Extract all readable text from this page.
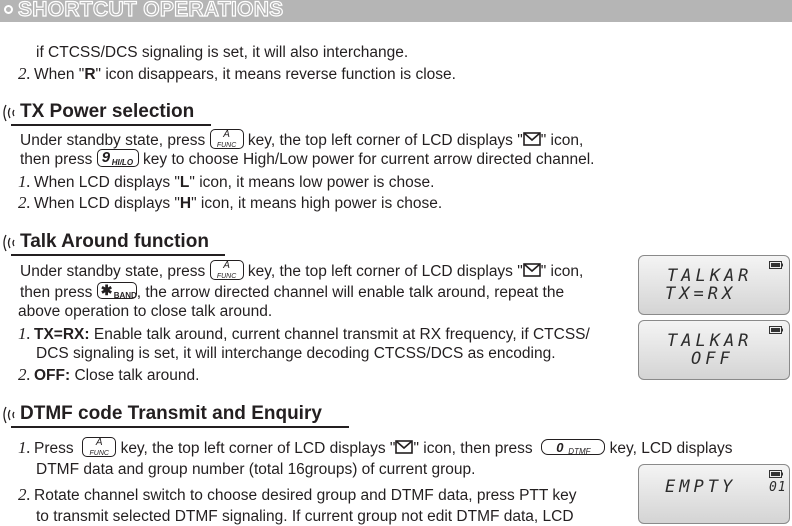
SHORTCUT OPERATIONS
if CTCSS/DCS signaling is set, it will also interchange.
2. When "R" icon disappears, it means reverse function is close.
TX Power selection
Under standby state, press	A
FUNC key, the top left corner of LCD displays " " icon,
then press 9 HI/LO key to choose High/Low power for current arrow directed channel.
1. When LCD displays "L" icon, it means low power is chose.
2. When LCD displays "H" icon, it means high power is chose.
Talk Around function
Under standby state, press	A
FUNC key, the top left corner of LCD displays " " icon,
then press ✱ BAND , the arrow directed channel will enable talk around, repeat the
above operation to close talk around.
1. TX=RX: Enable talk around, current channel transmit at RX frequency, if CTCSS/
DCS signaling is set, it will interchange decoding CTCSS/DCS as encoding.
2. OFF: Close talk around.
DTMF code Transmit and Enquiry
1. Press	A
FUNC key, the top left corner of LCD displays " " icon, then press 0 DTMF key, LCD displays
DTMF data and group number (total 16groups) of current group.
2. Rotate channel switch to choose desired group and DTMF data, press PTT key
to transmit selected DTMF signaling. If current group not edit DTMF data, LCD
TALKAR
TX=RX
TALKAR
OFF
EMPTY	01
